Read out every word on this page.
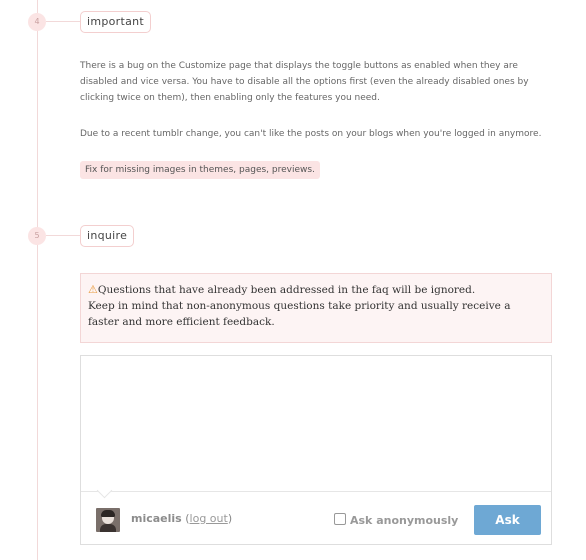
4	important
There is a bug on the Customize page that displays the toggle buttons as enabled when they are disabled and vice versa. You have to disable all the options first (even the already disabled ones by clicking twice on them), then enabling only the features you need.
Due to a recent tumblr change, you can't like the posts on your blogs when you're logged in anymore.
Fix for missing images in themes, pages, previews.
5	inquire
⚠Questions that have already been addressed in the faq will be ignored.
Keep in mind that non-anonymous questions take priority and usually receive a faster and more efficient feedback.
micaelis (log out)	Ask anonymously	Ask
